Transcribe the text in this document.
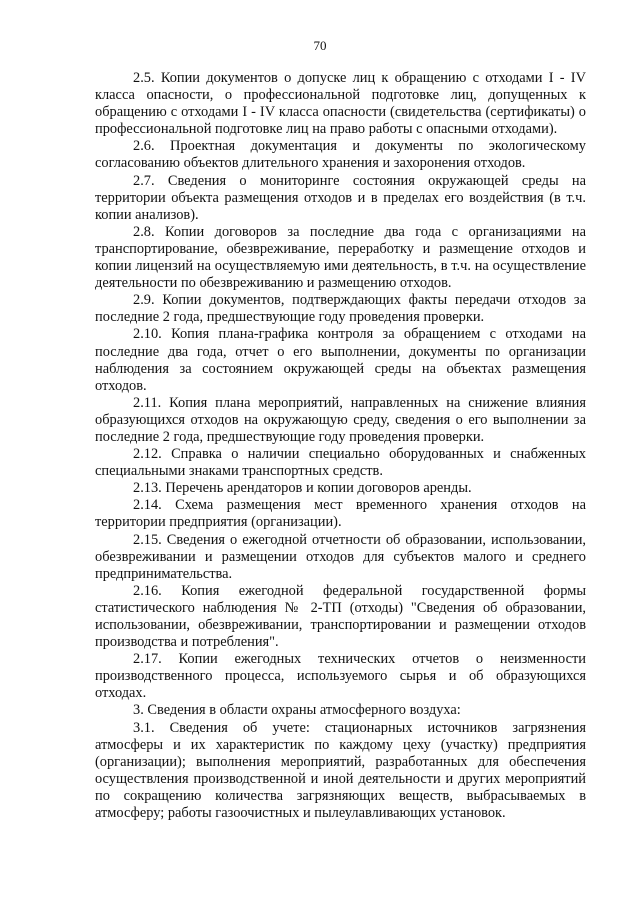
70

2.5. Копии документов о допуске лиц к обращению с отходами I - IV класса опасности, о профессиональной подготовке лиц, допущенных к обращению с отходами I - IV класса опасности (свидетельства (сертификаты) о профессиональной подготовке лиц на право работы с опасными отходами).

2.6. Проектная документация и документы по экологическому согласованию объектов длительного хранения и захоронения отходов.

2.7. Сведения о мониторинге состояния окружающей среды на территории объекта размещения отходов и в пределах его воздействия (в т.ч. копии анализов).

2.8. Копии договоров за последние два года с организациями на транспортирование, обезвреживание, переработку и размещение отходов и копии лицензий на осуществляемую ими деятельность, в т.ч. на осуществление деятельности по обезвреживанию и размещению отходов.

2.9. Копии документов, подтверждающих факты передачи отходов за последние 2 года, предшествующие году проведения проверки.

2.10. Копия плана-графика контроля за обращением с отходами на последние два года, отчет о его выполнении, документы по организации наблюдения за состоянием окружающей среды на объектах размещения отходов.

2.11. Копия плана мероприятий, направленных на снижение влияния образующихся отходов на окружающую среду, сведения о его выполнении за последние 2 года, предшествующие году проведения проверки.

2.12. Справка о наличии специально оборудованных и снабженных специальными знаками транспортных средств.

2.13. Перечень арендаторов и копии договоров аренды.

2.14. Схема размещения мест временного хранения отходов на территории предприятия (организации).

2.15. Сведения о ежегодной отчетности об образовании, использовании, обезвреживании и размещении отходов для субъектов малого и среднего предпринимательства.

2.16. Копия ежегодной федеральной государственной формы статистического наблюдения № 2-ТП (отходы) "Сведения об образовании, использовании, обезвреживании, транспортировании и размещении отходов производства и потребления".

2.17. Копии ежегодных технических отчетов о неизменности производственного процесса, используемого сырья и об образующихся отходах.

3. Сведения в области охраны атмосферного воздуха:

3.1. Сведения об учете: стационарных источников загрязнения атмосферы и их характеристик по каждому цеху (участку) предприятия (организации); выполнения мероприятий, разработанных для обеспечения осуществления производственной и иной деятельности и других мероприятий по сокращению количества загрязняющих веществ, выбрасываемых в атмосферу; работы газоочистных и пылеулавливающих установок.
